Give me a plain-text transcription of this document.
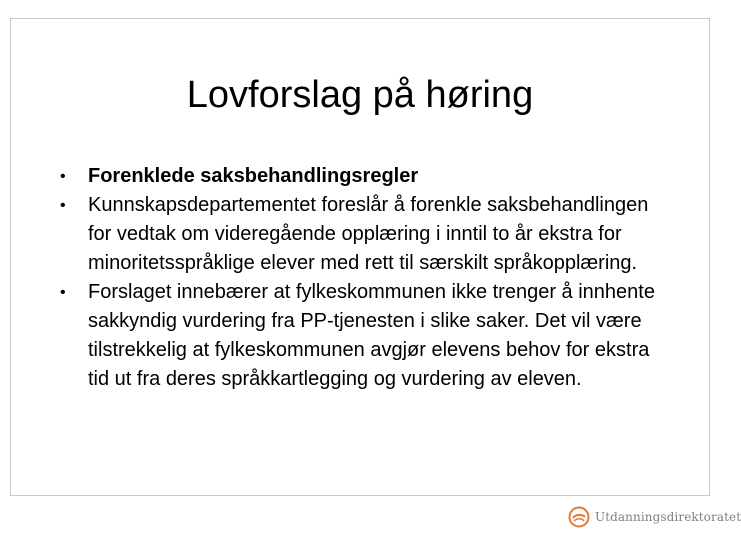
Lovforslag på høring
• Forenklede saksbehandlingsregler
• Kunnskapsdepartementet foreslår å forenkle saksbehandlingen for vedtak om videregående opplæring i inntil to år ekstra for minoritetsspråklige elever med rett til særskilt språkopplæring.
• Forslaget innebærer at fylkeskommunen ikke trenger å innhente sakkyndig vurdering fra PP-tjenesten i slike saker. Det vil være tilstrekkelig at fylkeskommunen avgjør elevens behov for ekstra tid ut fra deres språkkartlegging og vurdering av eleven.
Utdanningsdirektoratet
